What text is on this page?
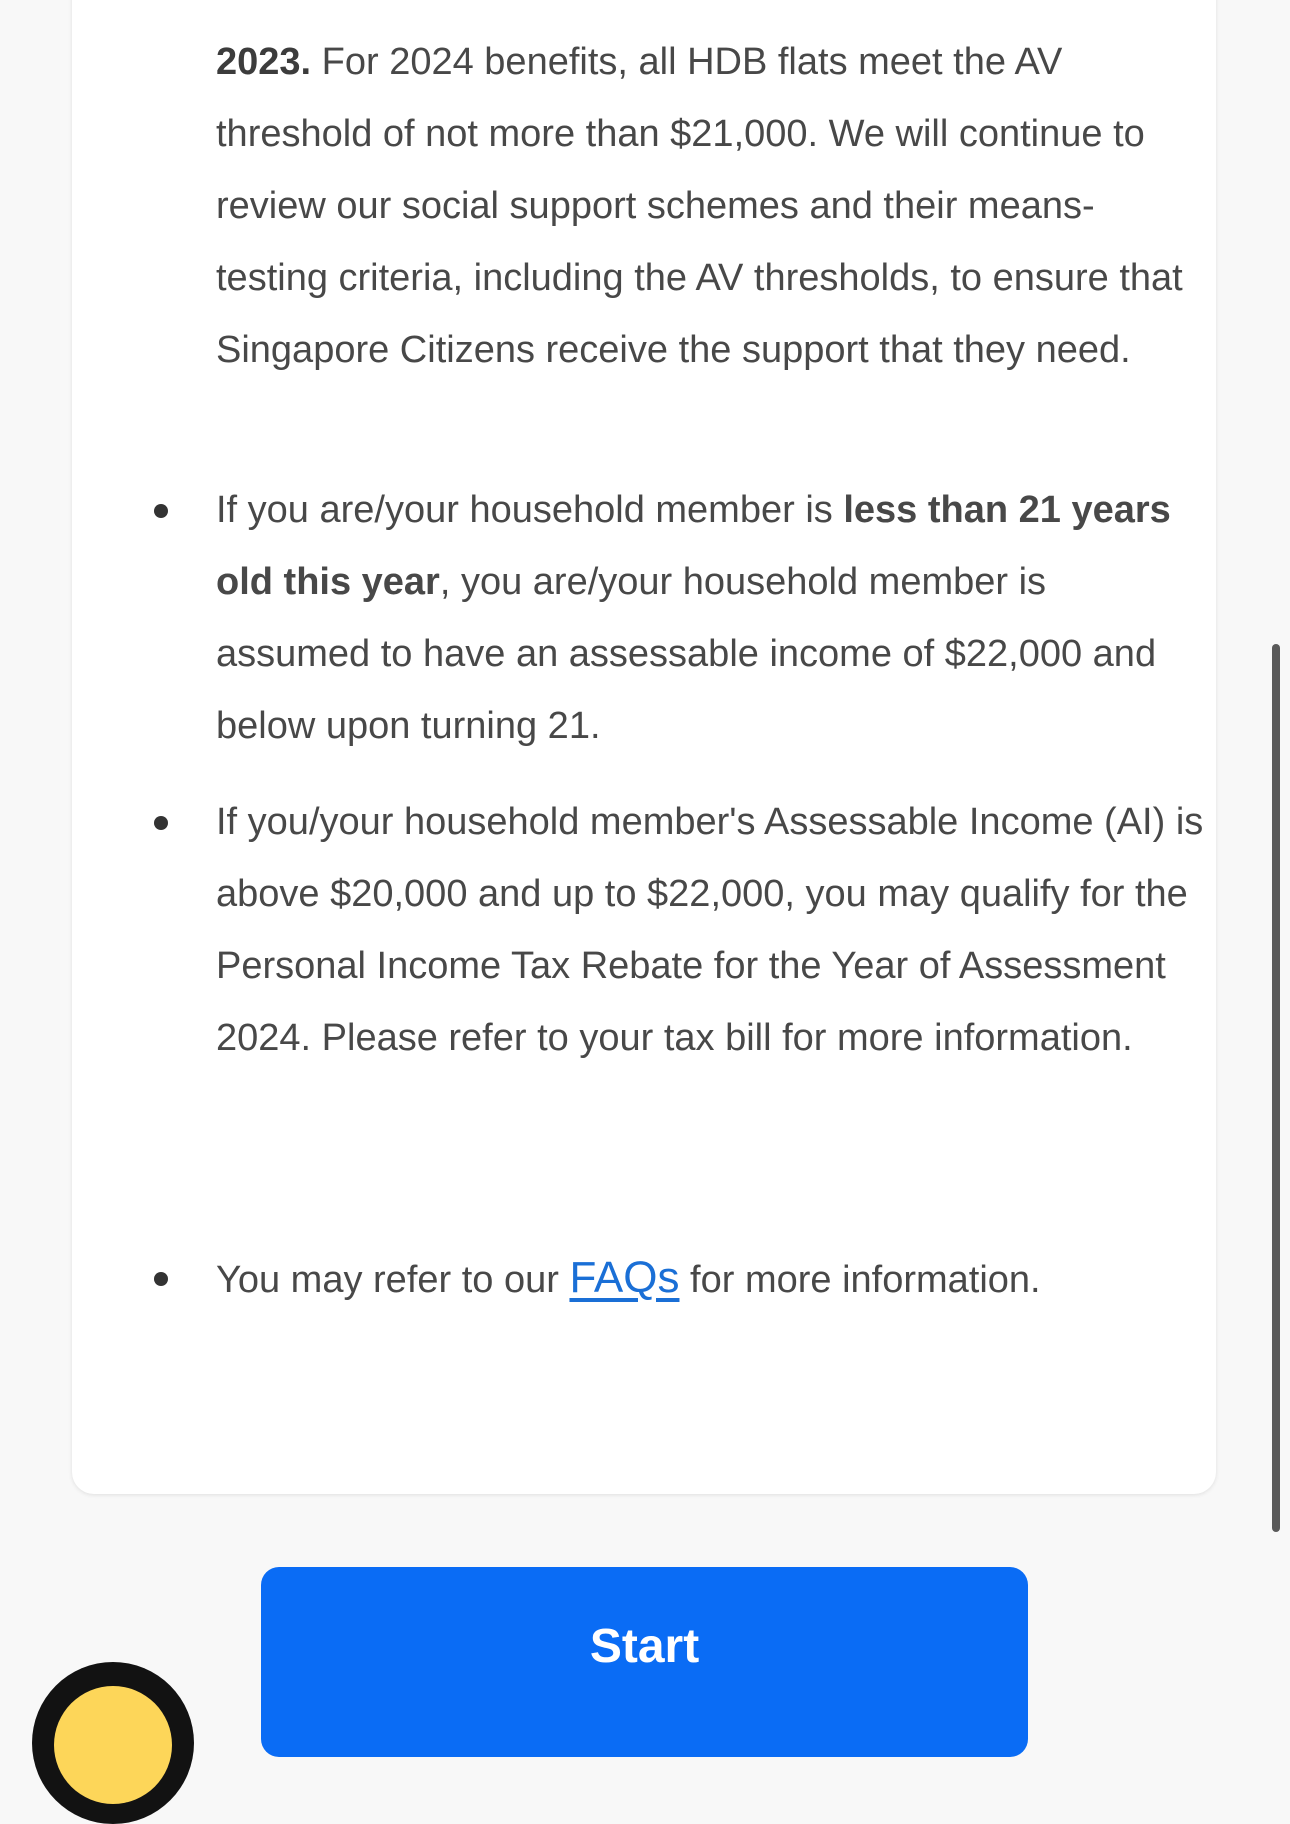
2023. For 2024 benefits, all HDB flats meet the AV threshold of not more than $21,000. We will continue to review our social support schemes and their means-testing criteria, including the AV thresholds, to ensure that Singapore Citizens receive the support that they need.

If you are/your household member is less than 21 years old this year, you are/your household member is assumed to have an assessable income of $22,000 and below upon turning 21.
If you/your household member's Assessable Income (AI) is above $20,000 and up to $22,000, you may qualify for the Personal Income Tax Rebate for the Year of Assessment 2024. Please refer to your tax bill for more information.
You may refer to our FAQs for more information.
Start
